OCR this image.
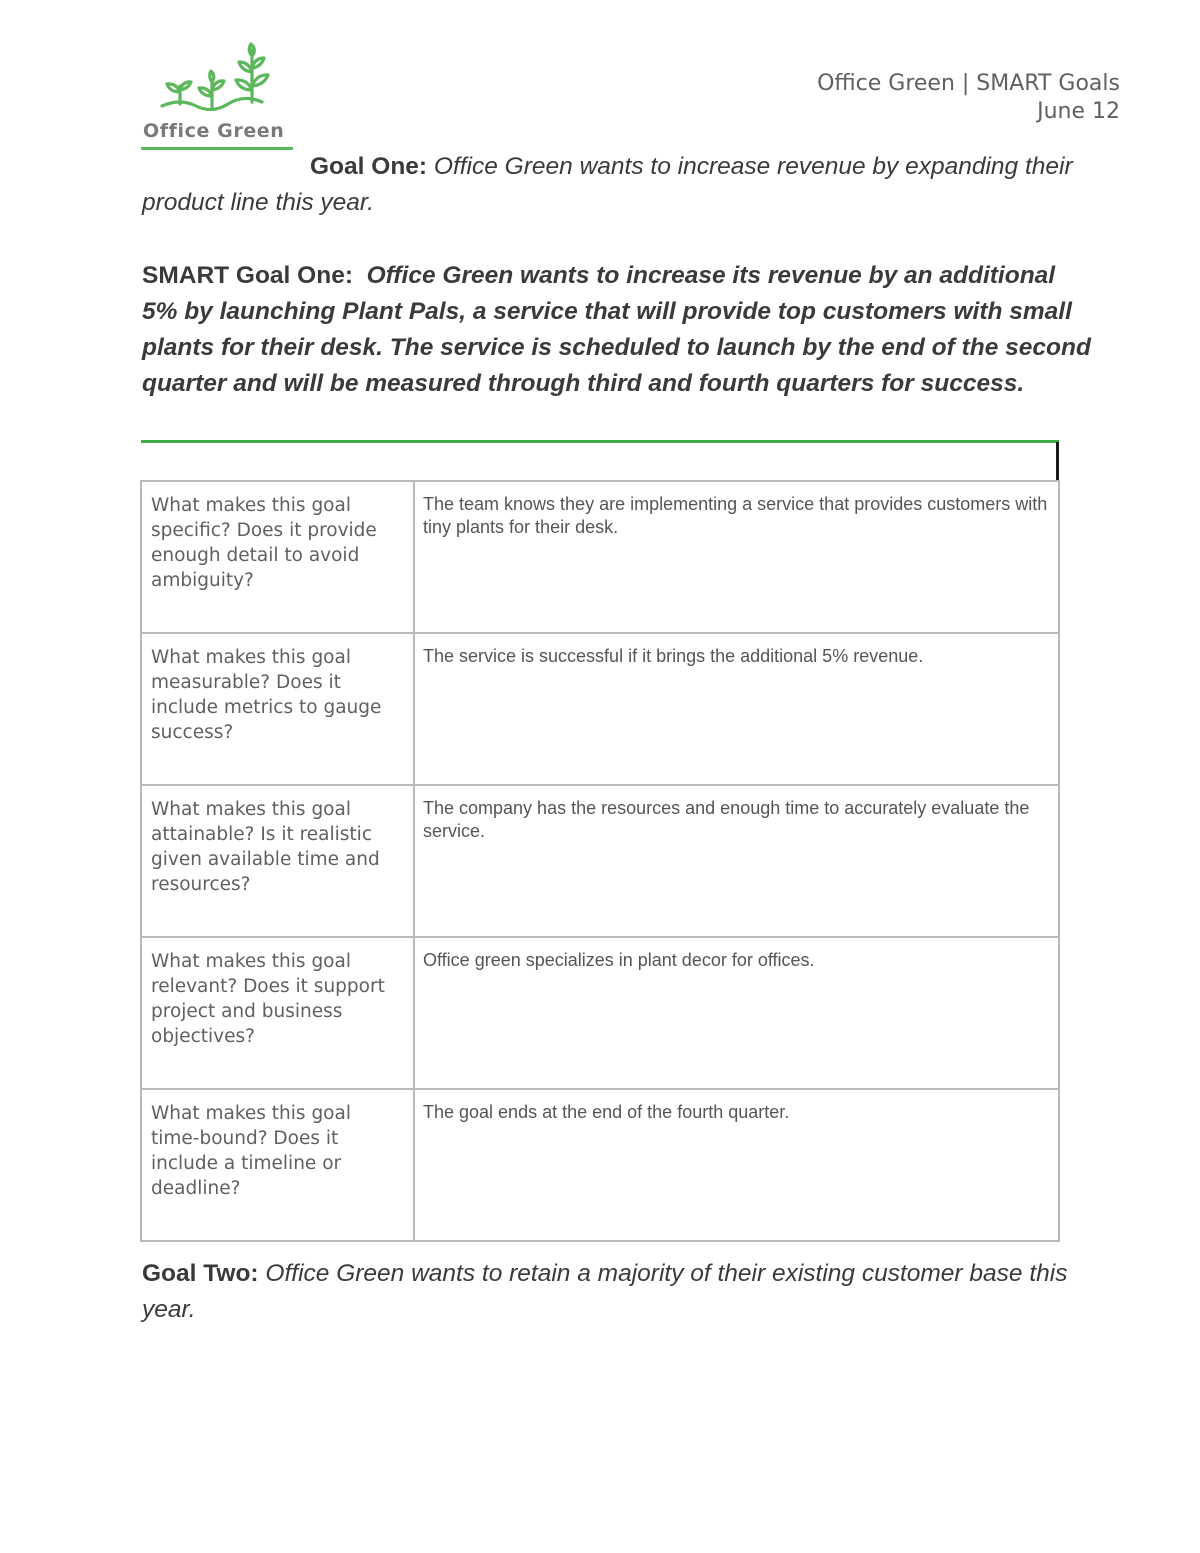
Office Green
Office Green | SMART Goals
June 12
Goal One: Office Green wants to increase revenue by expanding their product line this year.
SMART Goal One: Office Green wants to increase its revenue by an additional 5% by launching Plant Pals, a service that will provide top customers with small plants for their desk. The service is scheduled to launch by the end of the second quarter and will be measured through third and fourth quarters for success.
What makes this goal specific? Does it provide enough detail to avoid ambiguity?	The team knows they are implementing a service that provides customers with tiny plants for their desk.
What makes this goal measurable? Does it include metrics to gauge success?	The service is successful if it brings the additional 5% revenue.
What makes this goal attainable? Is it realistic given available time and resources?	The company has the resources and enough time to accurately evaluate the service.
What makes this goal relevant? Does it support project and business objectives?	Office green specializes in plant decor for offices.
What makes this goal time-bound? Does it include a timeline or deadline?	The goal ends at the end of the fourth quarter.
Goal Two: Office Green wants to retain a majority of their existing customer base this year.
